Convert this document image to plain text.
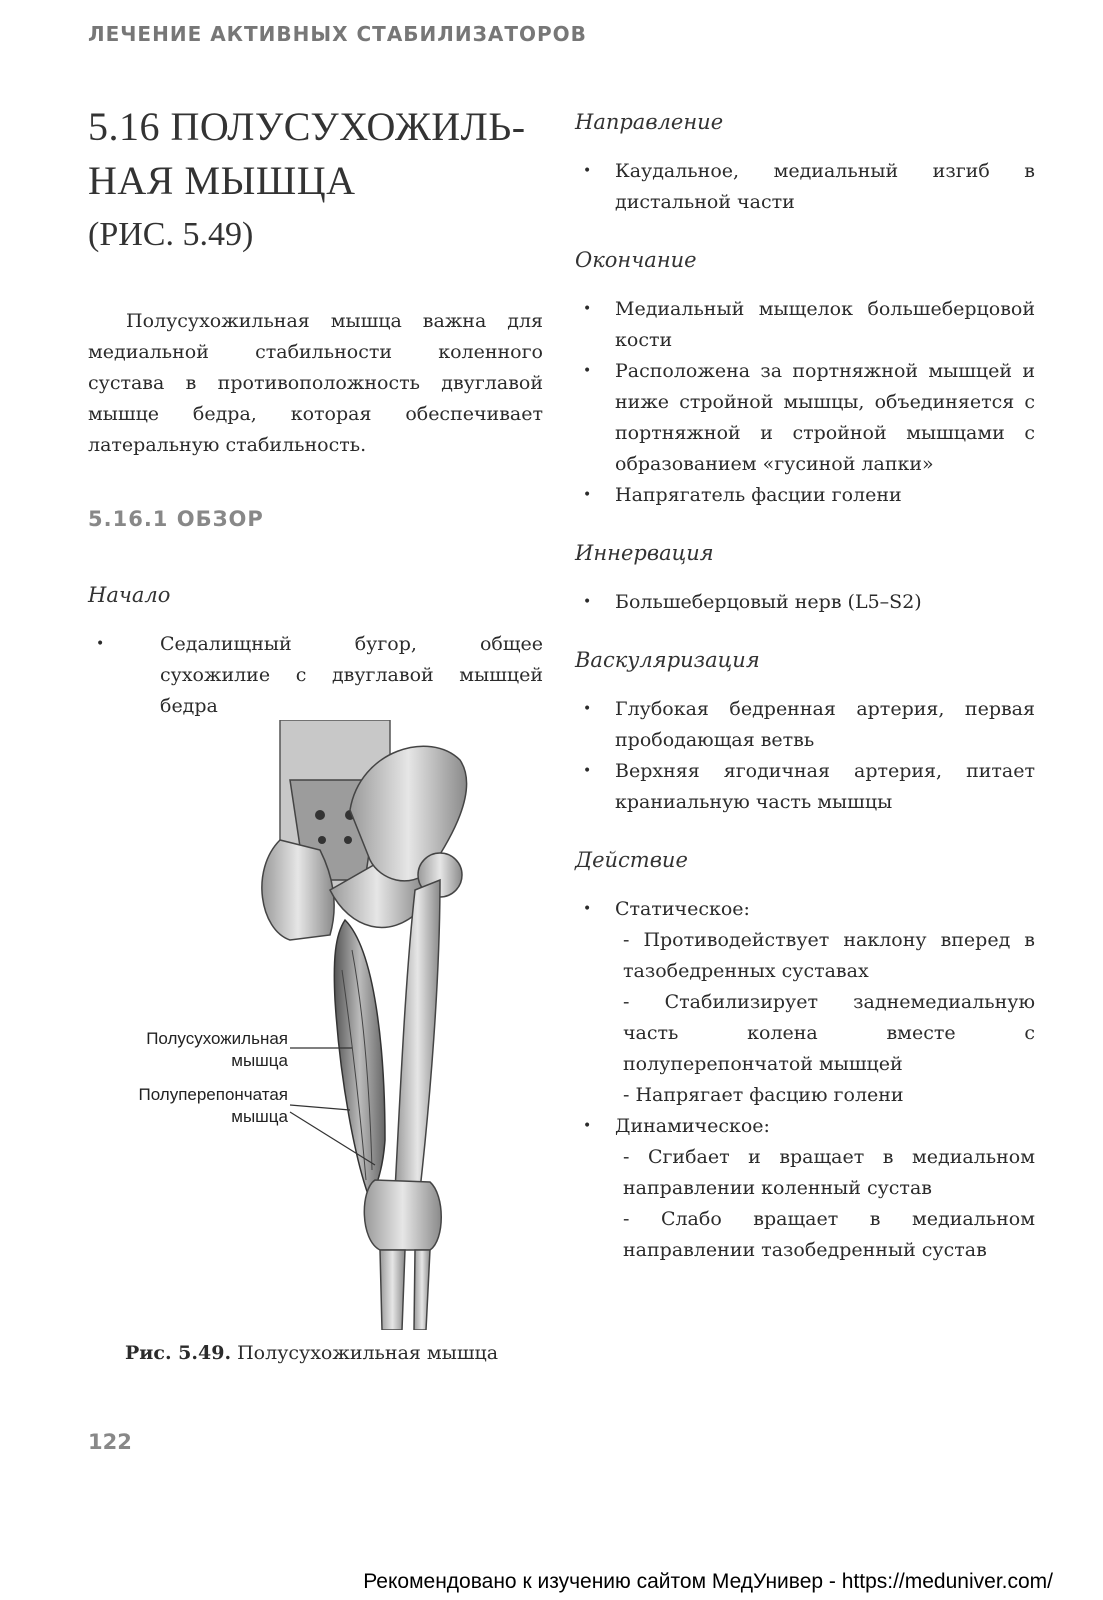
ЛЕЧЕНИЕ АКТИВНЫХ СТАБИЛИЗАТОРОВ
5.16 ПОЛУСУХОЖИЛЬ-
НАЯ МЫШЦА
(РИС. 5.49)

Полусухожильная мышца важна для медиальной стабильности коленного сустава в противоположность двуглавой мышце бедра, которая обеспечивает латеральную стабильность.

5.16.1 ОБЗОР
Начало
• Седалищный бугор, общее сухожилие с двуглавой мышцей бедра
Полусухожильная
мышца
Полуперепончатая
мышца
Рис. 5.49. Полусухожильная мышца
Направление
• Каудальное, медиальный изгиб в дистальной части
Окончание
• Медиальный мыщелок большеберцовой кости
• Расположена за портняжной мышцей и ниже стройной мышцы, объединяется с портняжной и стройной мышцами с образованием «гусиной лапки»
• Напрягатель фасции голени
Иннервация
• Большеберцовый нерв (L5–S2)
Васкуляризация
• Глубокая бедренная артерия, первая прободающая ветвь
• Верхняя ягодичная артерия, питает краниальную часть мышцы
Действие
• Статическое:
- Противодействует наклону вперед в тазобедренных суставах
- Стабилизирует заднемедиальную часть колена вместе с полуперепончатой мышцей
- Напрягает фасцию голени
• Динамическое:
- Сгибает и вращает в медиальном направлении коленный сустав
- Слабо вращает в медиальном направлении тазобедренный сустав
122
Рекомендовано к изучению сайтом МедУнивер - https://meduniver.com/
